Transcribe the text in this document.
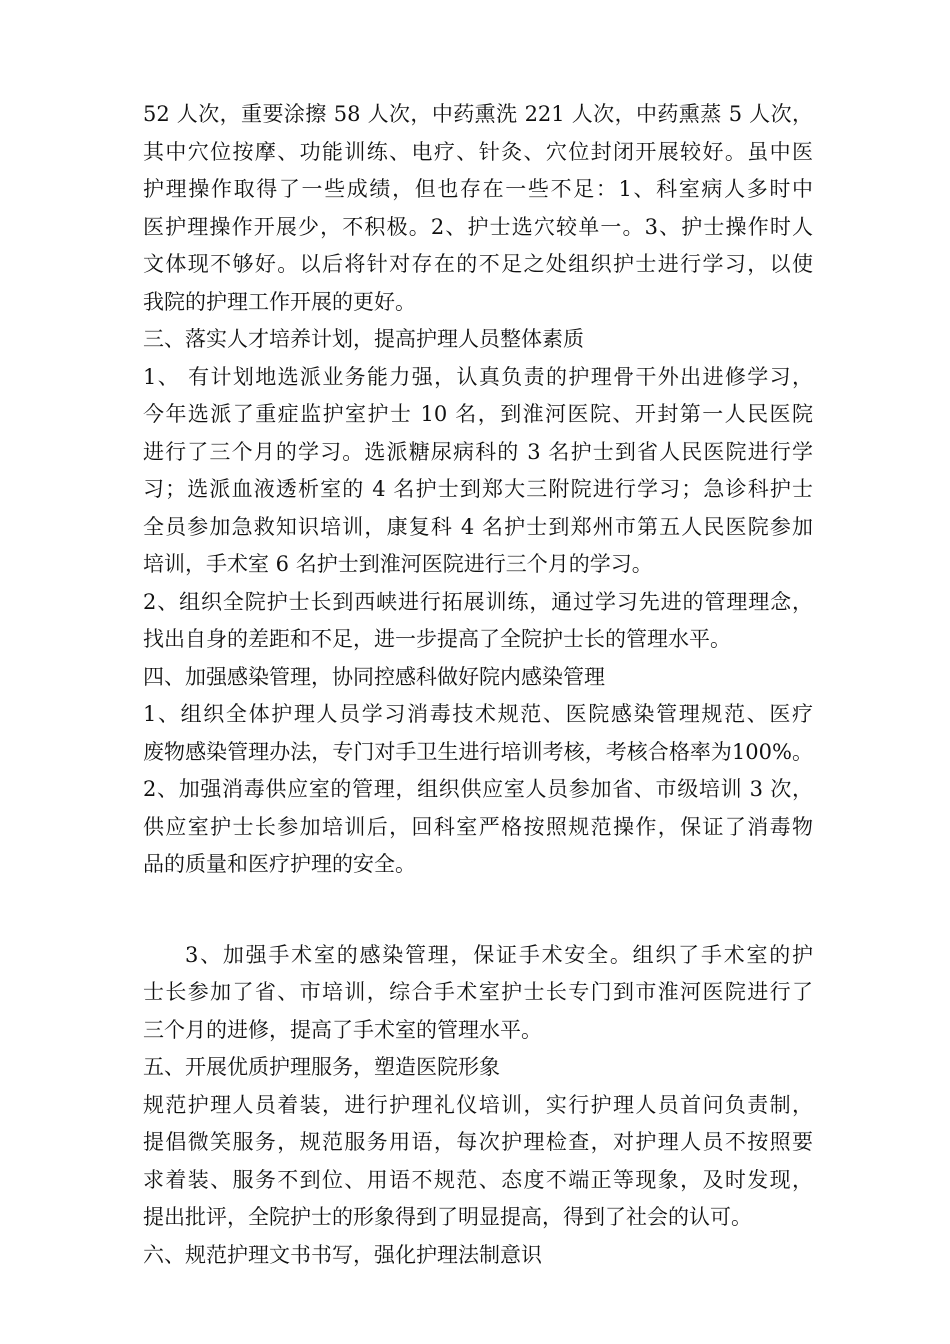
52 人次，重要涂擦 58 人次，中药熏洗 221 人次，中药熏蒸 5 人次，
其中穴位按摩、功能训练、电疗、针灸、穴位封闭开展较好。虽中医
护理操作取得了一些成绩，但也存在一些不足：1、科室病人多时中
医护理操作开展少，不积极。2、护士选穴较单一。3、护士操作时人
文体现不够好。以后将针对存在的不足之处组织护士进行学习，以使
我院的护理工作开展的更好。
三、落实人才培养计划，提高护理人员整体素质
1、 有计划地选派业务能力强，认真负责的护理骨干外出进修学习，
今年选派了重症监护室护士 10 名，到淮河医院、开封第一人民医院
进行了三个月的学习。选派糖尿病科的 3 名护士到省人民医院进行学
习；选派血液透析室的 4 名护士到郑大三附院进行学习；急诊科护士
全员参加急救知识培训，康复科 4 名护士到郑州市第五人民医院参加
培训，手术室 6 名护士到淮河医院进行三个月的学习。
2、组织全院护士长到西峡进行拓展训练，通过学习先进的管理理念，
找出自身的差距和不足，进一步提高了全院护士长的管理水平。
四、加强感染管理，协同控感科做好院内感染管理
1、组织全体护理人员学习消毒技术规范、医院感染管理规范、医疗
废物感染管理办法，专门对手卫生进行培训考核，考核合格率为100%。
2、加强消毒供应室的管理，组织供应室人员参加省、市级培训 3 次，
供应室护士长参加培训后，回科室严格按照规范操作，保证了消毒物
品的质量和医疗护理的安全。
3、加强手术室的感染管理，保证手术安全。组织了手术室的护
士长参加了省、市培训，综合手术室护士长专门到市淮河医院进行了
三个月的进修，提高了手术室的管理水平。
五、开展优质护理服务，塑造医院形象
规范护理人员着装，进行护理礼仪培训，实行护理人员首问负责制，
提倡微笑服务，规范服务用语，每次护理检查，对护理人员不按照要
求着装、服务不到位、用语不规范、态度不端正等现象，及时发现，
提出批评，全院护士的形象得到了明显提高，得到了社会的认可。
六、规范护理文书书写，强化护理法制意识
